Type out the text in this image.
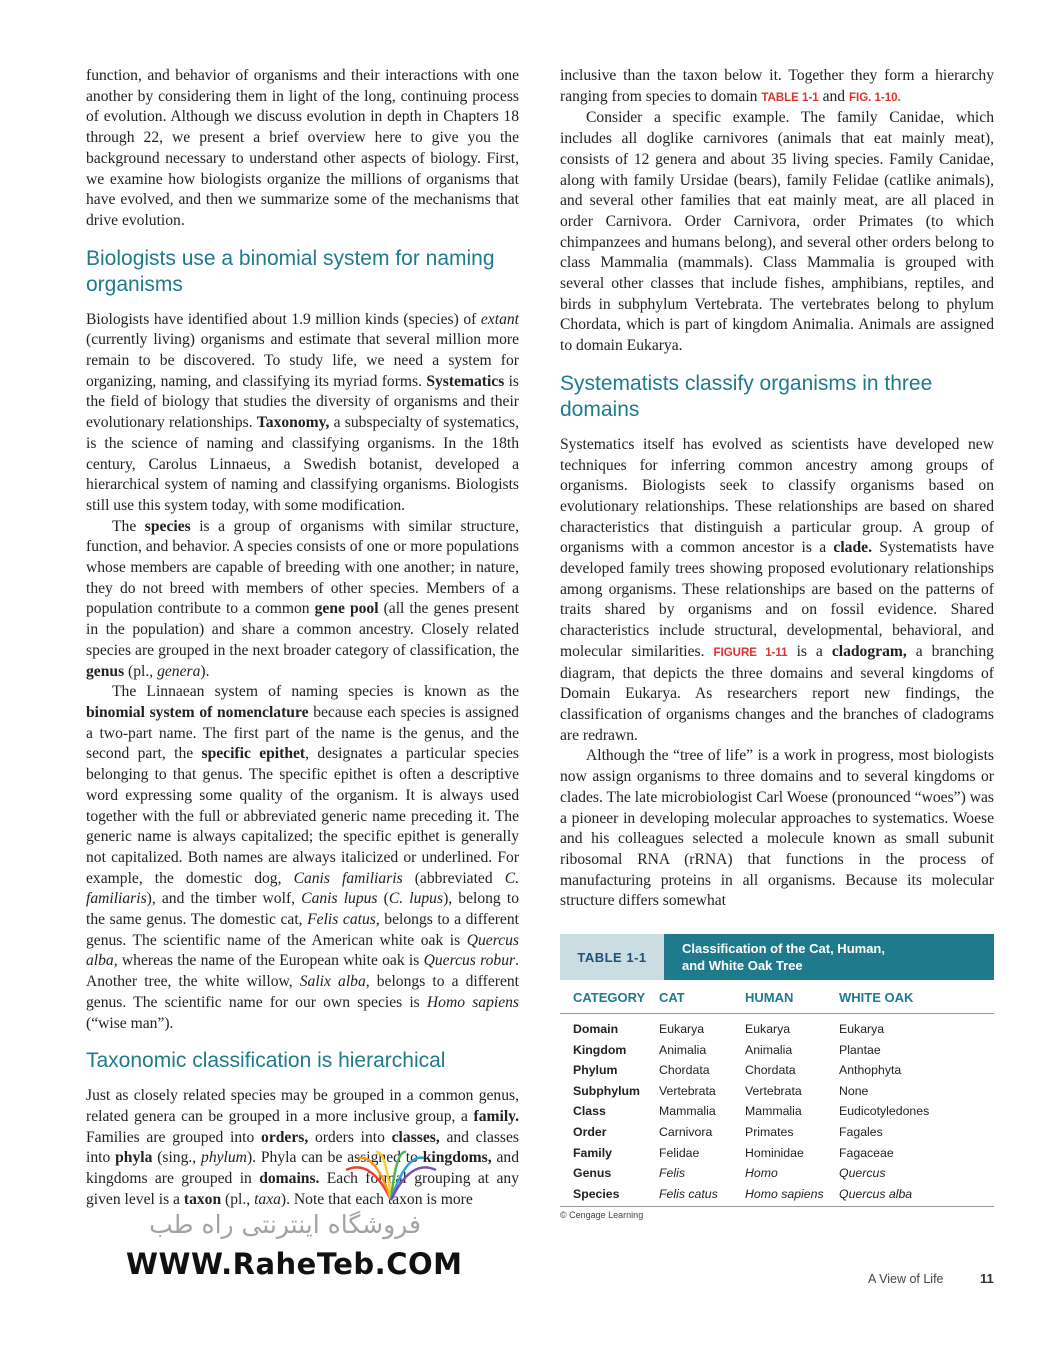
function, and behavior of organisms and their interactions with one another by considering them in light of the long, continuing process of evolution. Although we discuss evolution in depth in Chapters 18 through 22, we present a brief overview here to give you the background necessary to understand other aspects of biology. First, we examine how biologists organize the millions of organisms that have evolved, and then we summarize some of the mechanisms that drive evolution.

Biologists use a binomial system for naming organisms

Biologists have identified about 1.9 million kinds (species) of extant (currently living) organisms and estimate that several million more remain to be discovered. To study life, we need a system for organizing, naming, and classifying its myriad forms. Systematics is the field of biology that studies the diversity of organisms and their evolutionary relationships. Taxonomy, a subspecialty of systematics, is the science of naming and classifying organisms. In the 18th century, Carolus Linnaeus, a Swedish botanist, developed a hierarchical system of naming and classifying organisms. Biologists still use this system today, with some modification.

The species is a group of organisms with similar structure, function, and behavior. A species consists of one or more populations whose members are capable of breeding with one another; in nature, they do not breed with members of other species. Members of a population contribute to a common gene pool (all the genes present in the population) and share a common ancestry. Closely related species are grouped in the next broader category of classification, the genus (pl., genera).

The Linnaean system of naming species is known as the binomial system of nomenclature because each species is assigned a two-part name. The first part of the name is the genus, and the second part, the specific epithet, designates a particular species belonging to that genus. The specific epithet is often a descriptive word expressing some quality of the organism. It is always used together with the full or abbreviated generic name preceding it. The generic name is always capitalized; the specific epithet is generally not capitalized. Both names are always italicized or underlined. For example, the domestic dog, Canis familiaris (abbreviated C. familiaris), and the timber wolf, Canis lupus (C. lupus), belong to the same genus. The domestic cat, Felis catus, belongs to a different genus. The scientific name of the American white oak is Quercus alba, whereas the name of the European white oak is Quercus robur. Another tree, the white willow, Salix alba, belongs to a different genus. The scientific name for our own species is Homo sapiens (“wise man”).

Taxonomic classification is hierarchical

Just as closely related species may be grouped in a common genus, related genera can be grouped in a more inclusive group, a family. Families are grouped into orders, orders into classes, and classes into phyla (sing., phylum). Phyla can be assigned to kingdoms, and kingdoms are grouped in domains. Each formal grouping at any given level is a taxon (pl., taxa). Note that each taxon is more

inclusive than the taxon below it. Together they form a hierarchy ranging from species to domain TABLE 1-1 and FIG. 1-10.

Consider a specific example. The family Canidae, which includes all doglike carnivores (animals that eat mainly meat), consists of 12 genera and about 35 living species. Family Canidae, along with family Ursidae (bears), family Felidae (catlike animals), and several other families that eat mainly meat, are all placed in order Carnivora. Order Carnivora, order Primates (to which chimpanzees and humans belong), and several other orders belong to class Mammalia (mammals). Class Mammalia is grouped with several other classes that include fishes, amphibians, reptiles, and birds in subphylum Vertebrata. The vertebrates belong to phylum Chordata, which is part of kingdom Animalia. Animals are assigned to domain Eukarya.

Systematists classify organisms in three domains

Systematics itself has evolved as scientists have developed new techniques for inferring common ancestry among groups of organisms. Biologists seek to classify organisms based on evolutionary relationships. These relationships are based on shared characteristics that distinguish a particular group. A group of organisms with a common ancestor is a clade. Systematists have developed family trees showing proposed evolutionary relationships among organisms. These relationships are based on the patterns of traits shared by organisms and on fossil evidence. Shared characteristics include structural, developmental, behavioral, and molecular similarities. FIGURE 1-11 is a cladogram, a branching diagram, that depicts the three domains and several kingdoms of Domain Eukarya. As researchers report new findings, the classification of organisms changes and the branches of cladograms are redrawn.

Although the “tree of life” is a work in progress, most biologists now assign organisms to three domains and to several kingdoms or clades. The late microbiologist Carl Woese (pronounced “woes”) was a pioneer in developing molecular approaches to systematics. Woese and his colleagues selected a molecule known as small subunit ribosomal RNA (rRNA) that functions in the process of manufacturing proteins in all organisms. Because its molecular structure differs somewhat

TABLE 1-1
Classification of the Cat, Human,
and White Oak Tree
CATEGORY	CAT	HUMAN	WHITE OAK
Domain	Eukarya	Eukarya	Eukarya
Kingdom	Animalia	Animalia	Plantae
Phylum	Chordata	Chordata	Anthophyta
Subphylum	Vertebrata	Vertebrata	None
Class	Mammalia	Mammalia	Eudicotyledones
Order	Carnivora	Primates	Fagales
Family	Felidae	Hominidae	Fagaceae
Genus	Felis	Homo	Quercus
Species	Felis catus	Homo sapiens	Quercus alba
© Cengage Learning
فروشگاه اینترنتی راه طب
WWW.RaheTeb.COM	A View of Life	11
